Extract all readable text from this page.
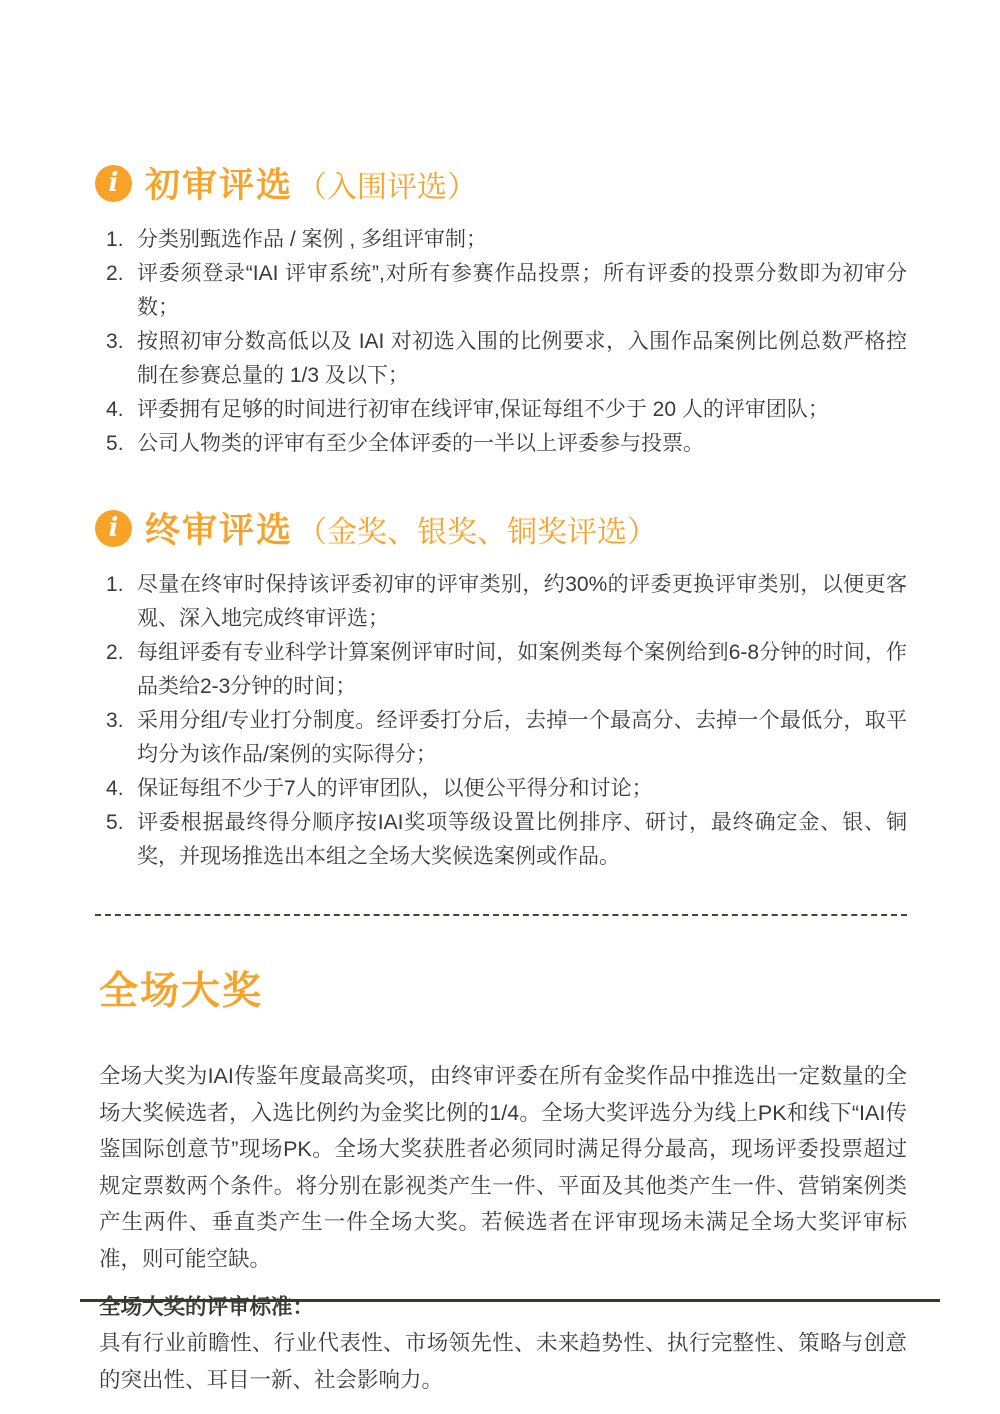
i 初审评选 （入围评选）
分类别甄选作品 / 案例 , 多组评审制；
评委须登录“IAI 评审系统”,对所有参赛作品投票；所有评委的投票分数即为初审分数；
按照初审分数高低以及 IAI 对初选入围的比例要求，入围作品案例比例总数严格控制在参赛总量的 1/3 及以下；
评委拥有足够的时间进行初审在线评审,保证每组不少于 20 人的评审团队；
公司人物类的评审有至少全体评委的一半以上评委参与投票。
i 终审评选 （金奖、银奖、铜奖评选）
尽量在终审时保持该评委初审的评审类别，约30%的评委更换评审类别，以便更客观、深入地完成终审评选；
每组评委有专业科学计算案例评审时间，如案例类每个案例给到6-8分钟的时间，作品类给2-3分钟的时间；
采用分组/专业打分制度。经评委打分后，去掉一个最高分、去掉一个最低分，取平均分为该作品/案例的实际得分；
保证每组不少于7人的评审团队，以便公平得分和讨论；
评委根据最终得分顺序按IAI奖项等级设置比例排序、研讨，最终确定金、银、铜奖，并现场推选出本组之全场大奖候选案例或作品。
全场大奖

全场大奖为IAI传鉴年度最高奖项，由终审评委在所有金奖作品中推选出一定数量的全场大奖候选者，入选比例约为金奖比例的1/4。全场大奖评选分为线上PK和线下“IAI传鉴国际创意节”现场PK。全场大奖获胜者必须同时满足得分最高，现场评委投票超过规定票数两个条件。将分别在影视类产生一件、平面及其他类产生一件、营销案例类产生两件、垂直类产生一件全场大奖。若候选者在评审现场未满足全场大奖评审标准，则可能空缺。

全场大奖的评审标准：

具有行业前瞻性、行业代表性、市场领先性、未来趋势性、执行完整性、策略与创意的突出性、耳目一新、社会影响力。
